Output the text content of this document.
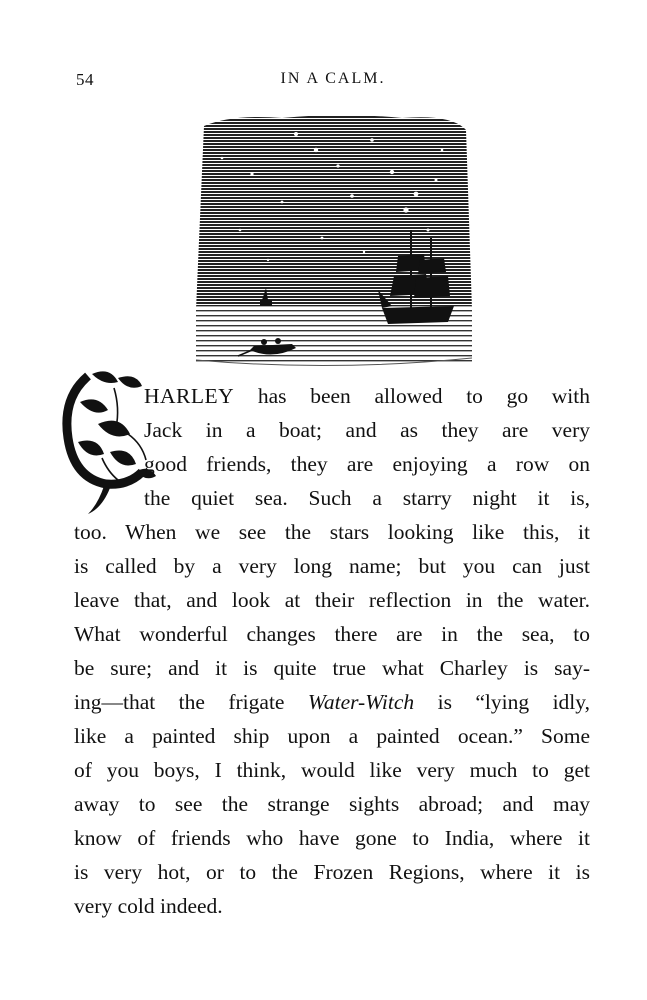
54	IN A CALM.
HARLEY has been allowed to go with
Jack in a boat; and as they are very
good friends, they are enjoying a row on
the quiet sea. Such a starry night it is,
too. When we see the stars looking like this, it
is called by a very long name; but you can just
leave that, and look at their reflection in the water.
What wonderful changes there are in the sea, to
be sure; and it is quite true what Charley is say-
ing—that the frigate Water-Witch is “lying idly,
like a painted ship upon a painted ocean.” Some
of you boys, I think, would like very much to get
away to see the strange sights abroad; and may
know of friends who have gone to India, where it
is very hot, or to the Frozen Regions, where it is
very cold indeed.
